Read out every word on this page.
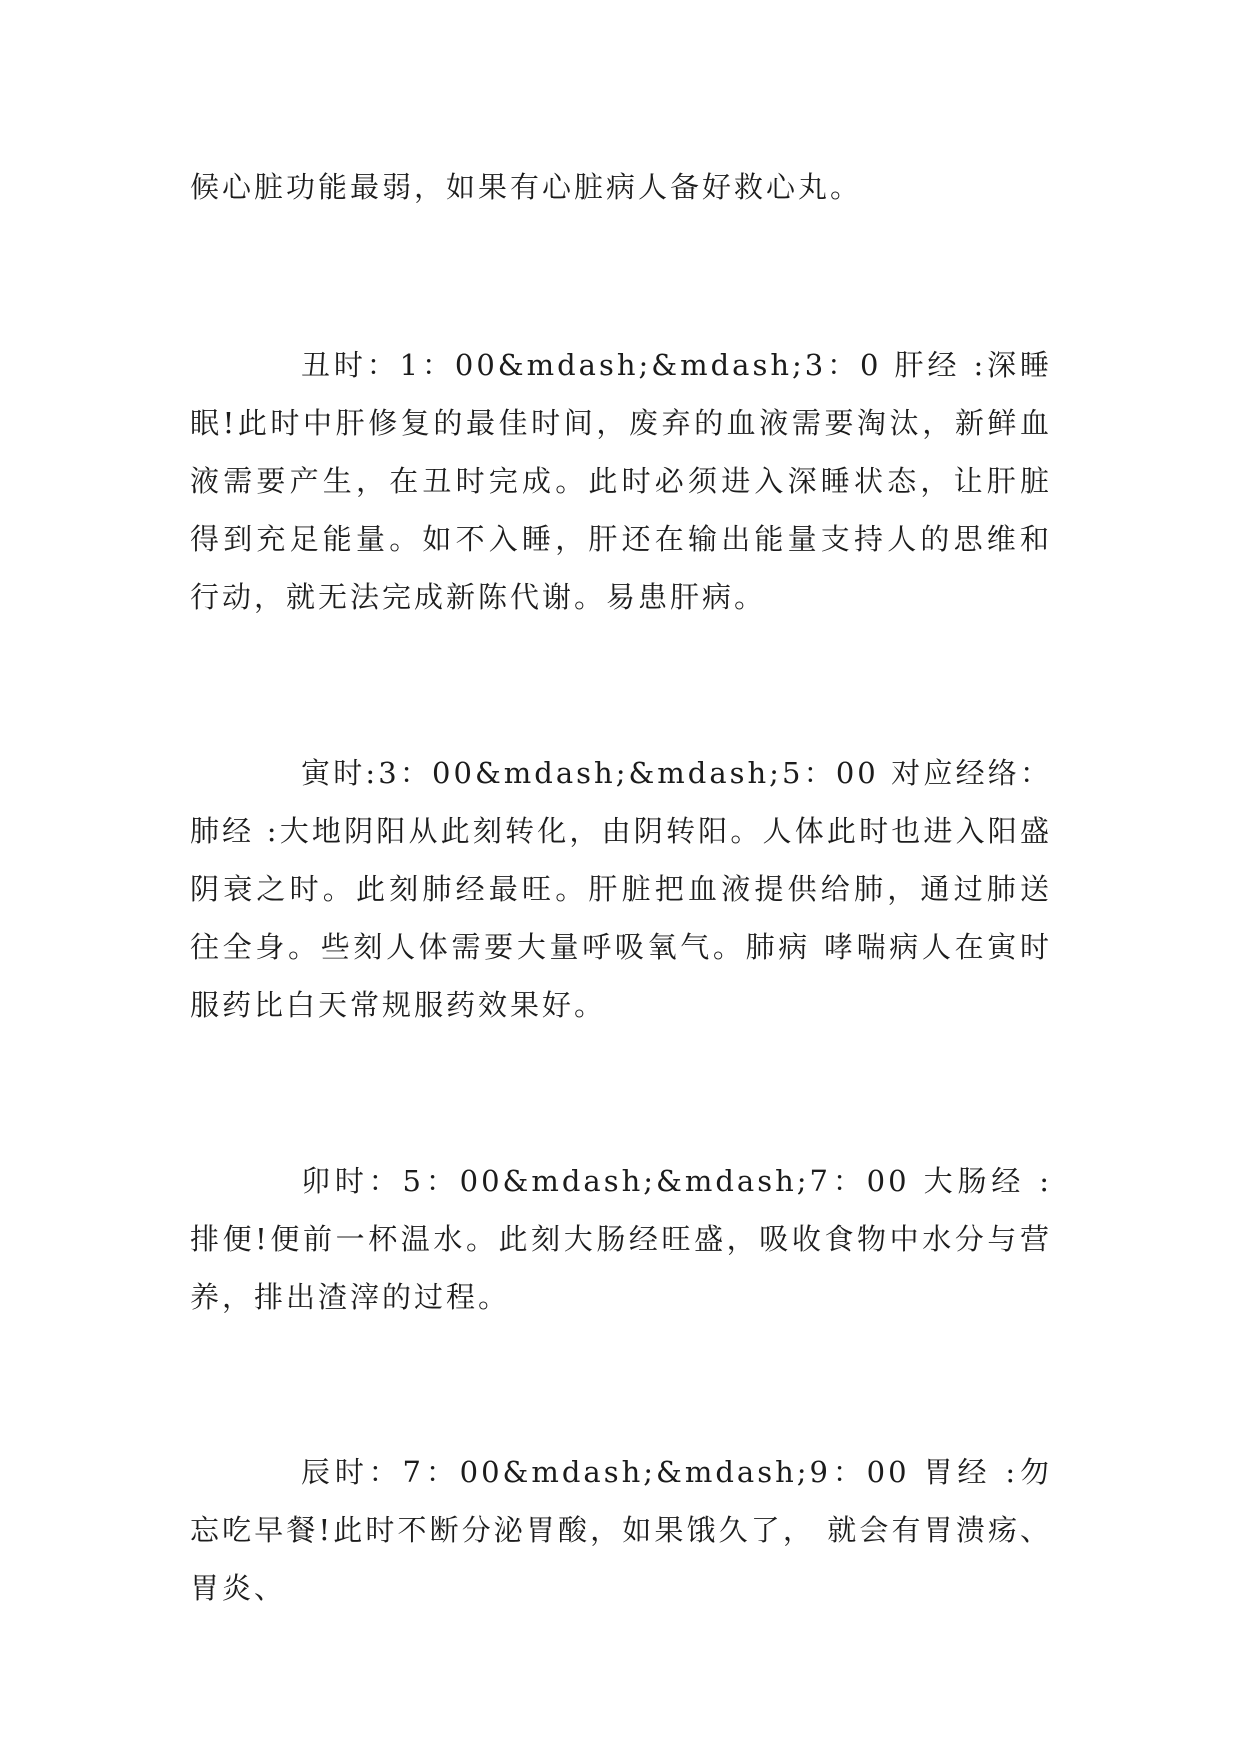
候心脏功能最弱，如果有心脏病人备好救心丸。

丑时：1：00&mdash;&mdash;3：0 肝经 :深睡眠!此时中肝修复的最佳时间，废弃的血液需要淘汰，新鲜血液需要产生，在丑时完成。此时必须进入深睡状态，让肝脏得到充足能量。如不入睡，肝还在输出能量支持人的思维和行动，就无法完成新陈代谢。易患肝病。

寅时:3：00&mdash;&mdash;5：00 对应经络：肺经 :大地阴阳从此刻转化，由阴转阳。人体此时也进入阳盛阴衰之时。此刻肺经最旺。肝脏把血液提供给肺，通过肺送往全身。些刻人体需要大量呼吸氧气。肺病 哮喘病人在寅时服药比白天常规服药效果好。

卯时：5：00&mdash;&mdash;7：00 大肠经 :排便!便前一杯温水。此刻大肠经旺盛，吸收食物中水分与营养，排出渣滓的过程。

辰时：7：00&mdash;&mdash;9：00 胃经 :勿忘吃早餐!此时不断分泌胃酸，如果饿久了， 就会有胃溃疡、胃炎、
